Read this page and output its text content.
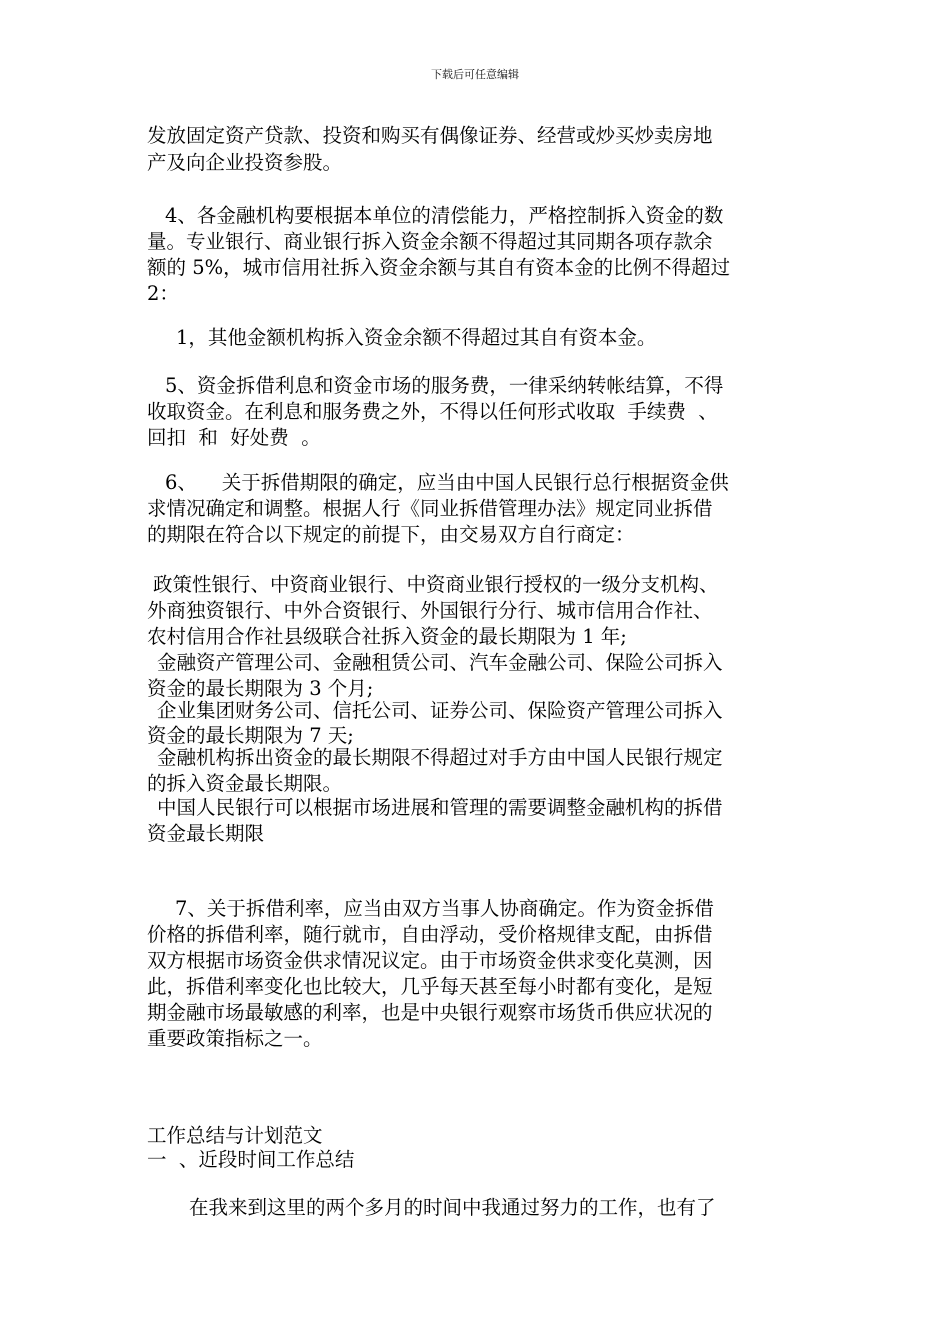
下载后可任意编辑
发放固定资产贷款、投资和购买有偶像证券、经营或炒买炒卖房地
产及向企业投资参股。
4、各金融机构要根据本单位的清偿能力，严格控制拆入资金的数
量。专业银行、商业银行拆入资金余额不得超过其同期各项存款余
额的 5%，城市信用社拆入资金余额与其自有资本金的比例不得超过
2：
1，其他金额机构拆入资金余额不得超过其自有资本金。
5、资金拆借利息和资金市场的服务费，一律采纳转帐结算，不得
收取资金。在利息和服务费之外，不得以任何形式收取  手续费  、
回扣  和  好处费  。
6、    关于拆借期限的确定，应当由中国人民银行总行根据资金供
求情况确定和调整。根据人行《同业拆借管理办法》规定同业拆借
的期限在符合以下规定的前提下，由交易双方自行商定：
政策性银行、中资商业银行、中资商业银行授权的一级分支机构、
外商独资银行、中外合资银行、外国银行分行、城市信用合作社、
农村信用合作社县级联合社拆入资金的最长期限为 1 年;
金融资产管理公司、金融租赁公司、汽车金融公司、保险公司拆入
资金的最长期限为 3 个月;
企业集团财务公司、信托公司、证券公司、保险资产管理公司拆入
资金的最长期限为 7 天;
金融机构拆出资金的最长期限不得超过对手方由中国人民银行规定
的拆入资金最长期限。
中国人民银行可以根据市场进展和管理的需要调整金融机构的拆借
资金最长期限
7、关于拆借利率，应当由双方当事人协商确定。作为资金拆借
价格的拆借利率，随行就市，自由浮动，受价格规律支配，由拆借
双方根据市场资金供求情况议定。由于市场资金供求变化莫测，因
此，拆借利率变化也比较大，几乎每天甚至每小时都有变化，是短
期金融市场最敏感的利率，也是中央银行观察市场货币供应状况的
重要政策指标之一。
工作总结与计划范文
一  、近段时间工作总结
在我来到这里的两个多月的时间中我通过努力的工作，也有了
